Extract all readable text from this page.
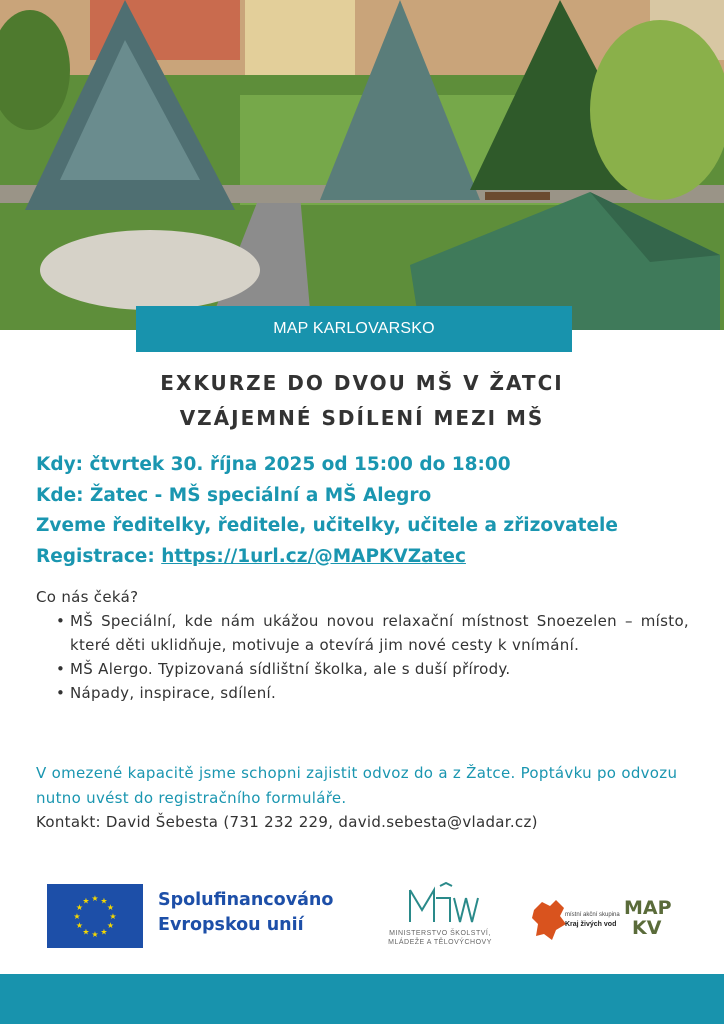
MAP KARLOVARSKO
EXKURZE DO DVOU MŠ V ŽATCI
VZÁJEMNÉ SDÍLENÍ MEZI MŠ
Kdy: čtvrtek 30. října 2025 od 15:00 do 18:00
Kde: Žatec - MŠ speciální a MŠ Alegro
Zveme ředitelky, ředitele, učitelky, učitele a zřizovatele
Registrace: https://1url.cz/@MAPKVZatec
Co nás čeká?
• MŠ Speciální, kde nám ukážou novou relaxační místnost Snoezelen – místo, které děti uklidňuje, motivuje a otevírá jim nové cesty k vnímání.
• MŠ Alergo. Typizovaná sídlištní školka, ale s duší přírody.
• Nápady, inspirace, sdílení.
V omezené kapacitě jsme schopni zajistit odvoz do a z Žatce. Poptávku po odvozu nutno uvést do registračního formuláře.
Kontakt: David Šebesta (731 232 229, david.sebesta@vladar.cz)
★ ★
★
★
★
★
★
★
★
★
★
★	Spolufinancováno
Evropskou unií	MINISTERSTVO ŠKOLSTVÍ,
MLÁDEŽE A TĚLOVÝCHOVY
místní akční skupina
Kraj živých vod
MAP
KV
